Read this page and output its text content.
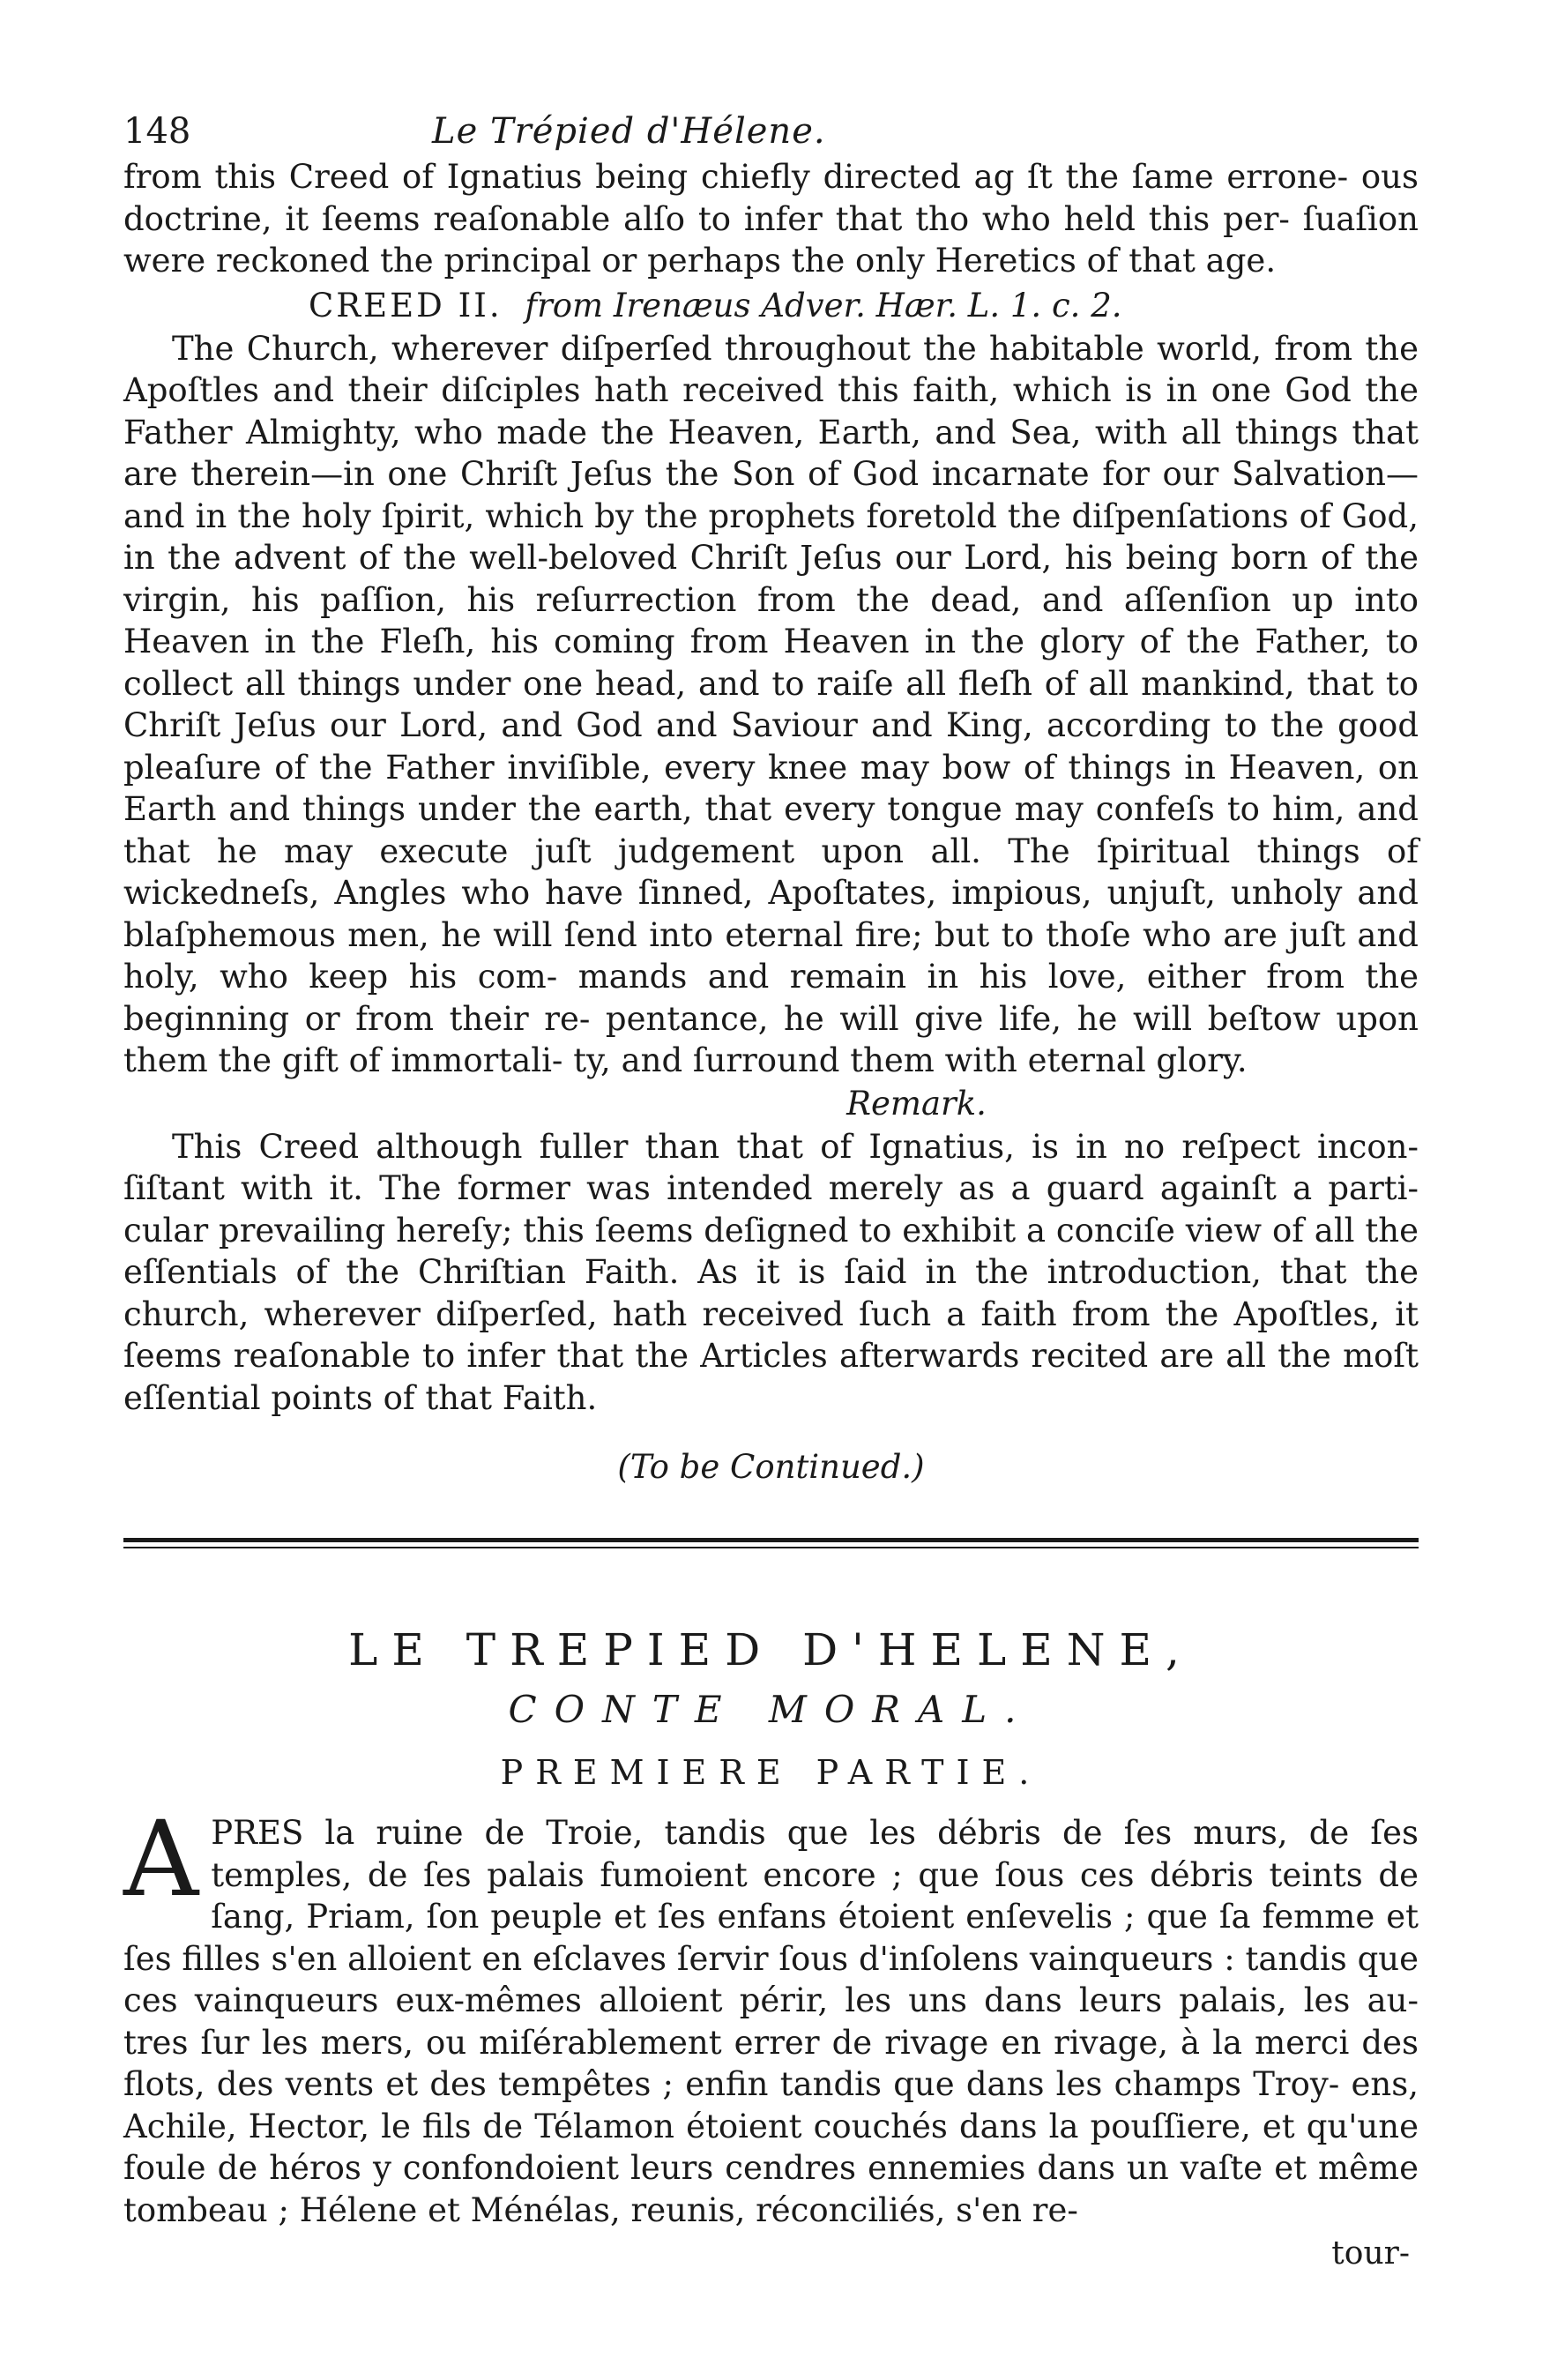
148	Le Trépied d'Hélene.

from this Creed of Ignatius being chiefly directed ag ſt the ſame errone- ous doctrine, it ſeems reaſonable alſo to infer that tho who held this per- ſuaſion were reckoned the principal or perhaps the only Heretics of that age.

CREED II. from Irenæus Adver. Hær. L. 1. c. 2.

The Church, wherever diſperſed throughout the habitable world, from the Apoſtles and their diſciples hath received this faith, which is in one God the Father Almighty, who made the Heaven, Earth, and Sea, with all things that are therein—in one Chriſt Jeſus the Son of God incarnate for our Salvation—and in the holy ſpirit, which by the prophets foretold the diſpenſations of God, in the advent of the well-beloved Chriſt Jeſus our Lord, his being born of the virgin, his paſſion, his reſurrection from the dead, and aſſenſion up into Heaven in the Fleſh, his coming from Heaven in the glory of the Father, to collect all things under one head, and to raiſe all fleſh of all mankind, that to Chriſt Jeſus our Lord, and God and Saviour and King, according to the good pleaſure of the Father inviſible, every knee may bow of things in Heaven, on Earth and things under the earth, that every tongue may confeſs to him, and that he may execute juſt judgement upon all. The ſpiritual things of wickedneſs, Angles who have ſinned, Apoſtates, impious, unjuſt, unholy and blaſphemous men, he will ſend into eternal fire; but to thoſe who are juſt and holy, who keep his com- mands and remain in his love, either from the beginning or from their re- pentance, he will give life, he will beſtow upon them the gift of immortali- ty, and ſurround them with eternal glory.

Remark.

This Creed although fuller than that of Ignatius, is in no reſpect incon- ſiſtant with it. The former was intended merely as a guard againſt a parti- cular prevailing hereſy; this ſeems deſigned to exhibit a conciſe view of all the eſſentials of the Chriſtian Faith. As it is ſaid in the introduction, that the church, wherever diſperſed, hath received ſuch a faith from the Apoſtles, it ſeems reaſonable to infer that the Articles afterwards recited are all the moſt eſſential points of that Faith.

(To be Continued.)

LE TREPIED D'HELENE,
CONTE MORAL.
PREMIERE PARTIE.
A PRES la ruine de Troie, tandis que les débris de ſes murs, de ſes temples, de ſes palais fumoient encore ; que ſous ces débris teints de ſang, Priam, ſon peuple et ſes enfans étoient enſevelis ; que ſa femme et ſes filles s'en alloient en eſclaves ſervir ſous d'inſolens vainqueurs : tandis que ces vainqueurs eux-mêmes alloient périr, les uns dans leurs palais, les au- tres ſur les mers, ou miſérablement errer de rivage en rivage, à la merci des flots, des vents et des tempêtes ; enfin tandis que dans les champs Troy- ens, Achile, Hector, le fils de Télamon étoient couchés dans la pouſſiere, et qu'une foule de héros y confondoient leurs cendres ennemies dans un vaſte et même tombeau ; Hélene et Ménélas, reunis, réconciliés, s'en re-

tour-
